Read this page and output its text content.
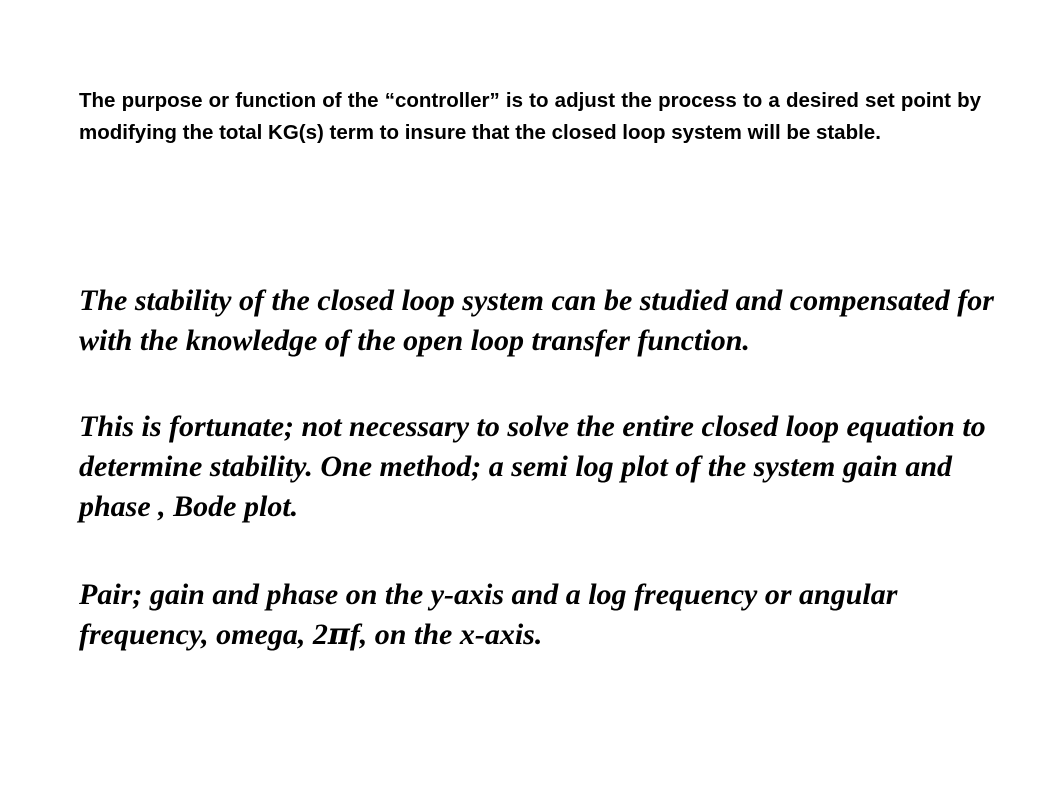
The purpose or function of the “controller” is to adjust the process to a desired set point by modifying the total KG(s) term to insure that the closed loop system will be stable.

The stability of the closed loop system can be studied and compensated for with the knowledge of the open loop transfer function.

This is fortunate; not necessary to solve the entire closed loop equation to determine stability. One method; a semi log plot of the system gain and phase , Bode plot.

Pair; gain and phase on the y-axis and a log frequency or angular frequency, omega, 2πf, on the x-axis.
